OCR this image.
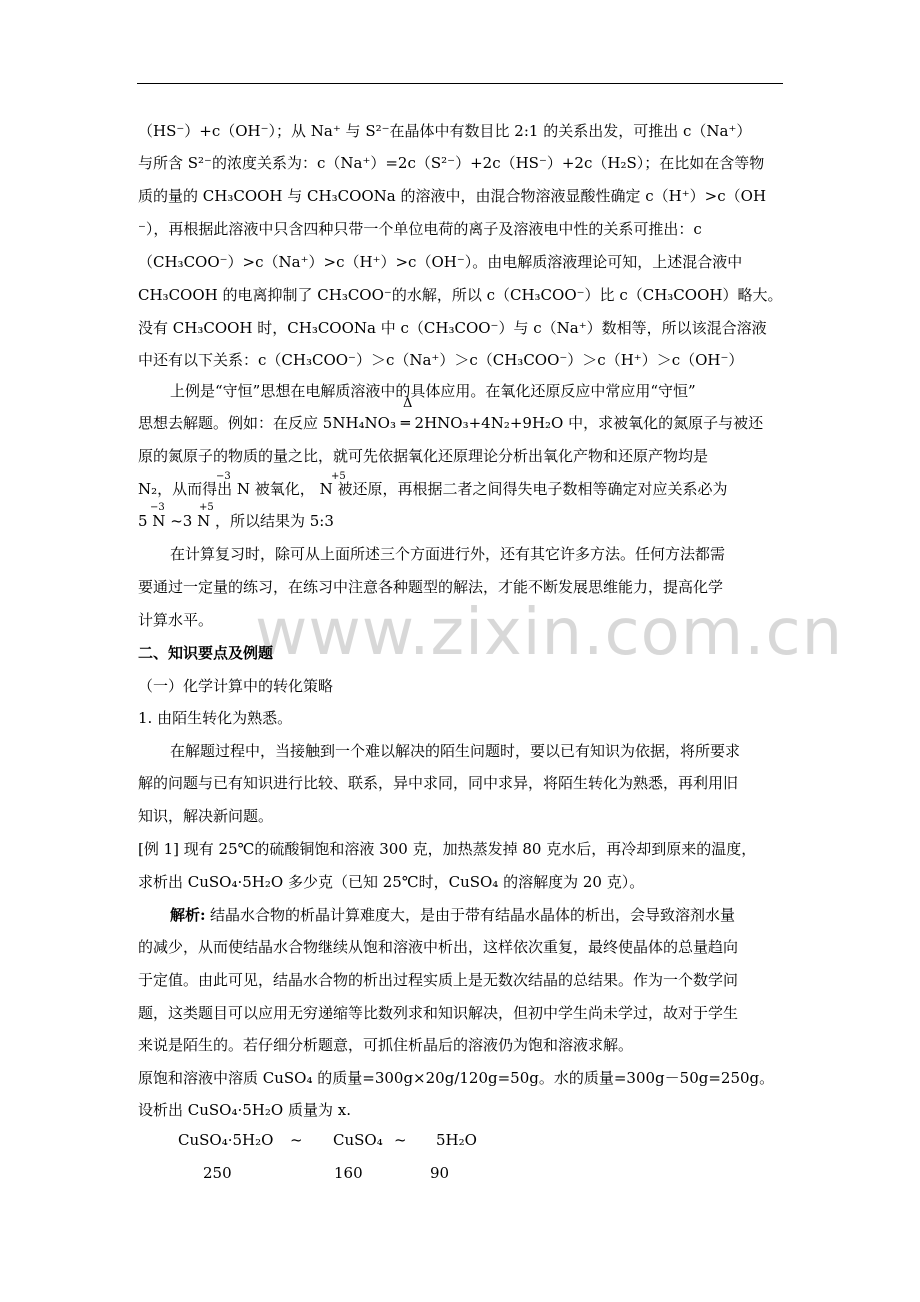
www.zixin.com.cn
（HS⁻）+c（OH⁻）；从 Na⁺ 与 S²⁻在晶体中有数目比 2:1 的关系出发，可推出 c（Na⁺）
与所含 S²⁻的浓度关系为：c（Na⁺）=2c（S²⁻）+2c（HS⁻）+2c（H₂S）；在比如在含等物
质的量的 CH₃COOH 与 CH₃COONa 的溶液中，由混合物溶液显酸性确定 c（H⁺）>c（OH
⁻），再根据此溶液中只含四种只带一个单位电荷的离子及溶液电中性的关系可推出：c
（CH₃COO⁻）>c（Na⁺）>c（H⁺）>c（OH⁻）。由电解质溶液理论可知，上述混合液中
CH₃COOH 的电离抑制了 CH₃COO⁻的水解，所以 c（CH₃COO⁻）比 c（CH₃COOH）略大。
没有 CH₃COOH 时，CH₃COONa 中 c（CH₃COO⁻）与 c（Na⁺）数相等，所以该混合溶液
中还有以下关系：c（CH₃COO⁻）＞c（Na⁺）＞c（CH₃COO⁻）＞c（H⁺）＞c（OH⁻）
上例是“守恒”思想在电解质溶液中的具体应用。在氧化还原反应中常应用“守恒”
Δ
思想去解题。例如：在反应 5NH₄NO₃ ═ 2HNO₃+4N₂+9H₂O 中，求被氧化的氮原子与被还
原的氮原子的物质的量之比，就可先依据氧化还原理论分析出氧化产物和还原产物均是
−3	+5
N₂，从而得出 N 被氧化， N 被还原，再根据二者之间得失电子数相等确定对应关系必为
−3	+5
5 N ~3 N ，所以结果为 5:3
在计算复习时，除可从上面所述三个方面进行外，还有其它许多方法。任何方法都需
要通过一定量的练习，在练习中注意各种题型的解法，才能不断发展思维能力，提高化学
计算水平。
二、知识要点及例题
（一）化学计算中的转化策略
1. 由陌生转化为熟悉。
在解题过程中，当接触到一个难以解决的陌生问题时，要以已有知识为依据，将所要求
解的问题与已有知识进行比较、联系，异中求同，同中求异，将陌生转化为熟悉，再利用旧
知识，解决新问题。
[例 1] 现有 25℃的硫酸铜饱和溶液 300 克，加热蒸发掉 80 克水后，再冷却到原来的温度，
求析出 CuSO₄·5H₂O 多少克（已知 25℃时，CuSO₄ 的溶解度为 20 克）。
解析: 结晶水合物的析晶计算难度大，是由于带有结晶水晶体的析出，会导致溶剂水量
的减少，从而使结晶水合物继续从饱和溶液中析出，这样依次重复，最终使晶体的总量趋向
于定值。由此可见，结晶水合物的析出过程实质上是无数次结晶的总结果。作为一个数学问
题，这类题目可以应用无穷递缩等比数列求和知识解决，但初中学生尚未学过，故对于学生
来说是陌生的。若仔细分析题意，可抓住析晶后的溶液仍为饱和溶液求解。
原饱和溶液中溶质 CuSO₄ 的质量=300g×20g/120g=50g。水的质量=300g－50g=250g。
设析出 CuSO₄·5H₂O 质量为 x.
CuSO₄·5H₂O ~ CuSO₄ ~ 5H₂O
250	160	90
